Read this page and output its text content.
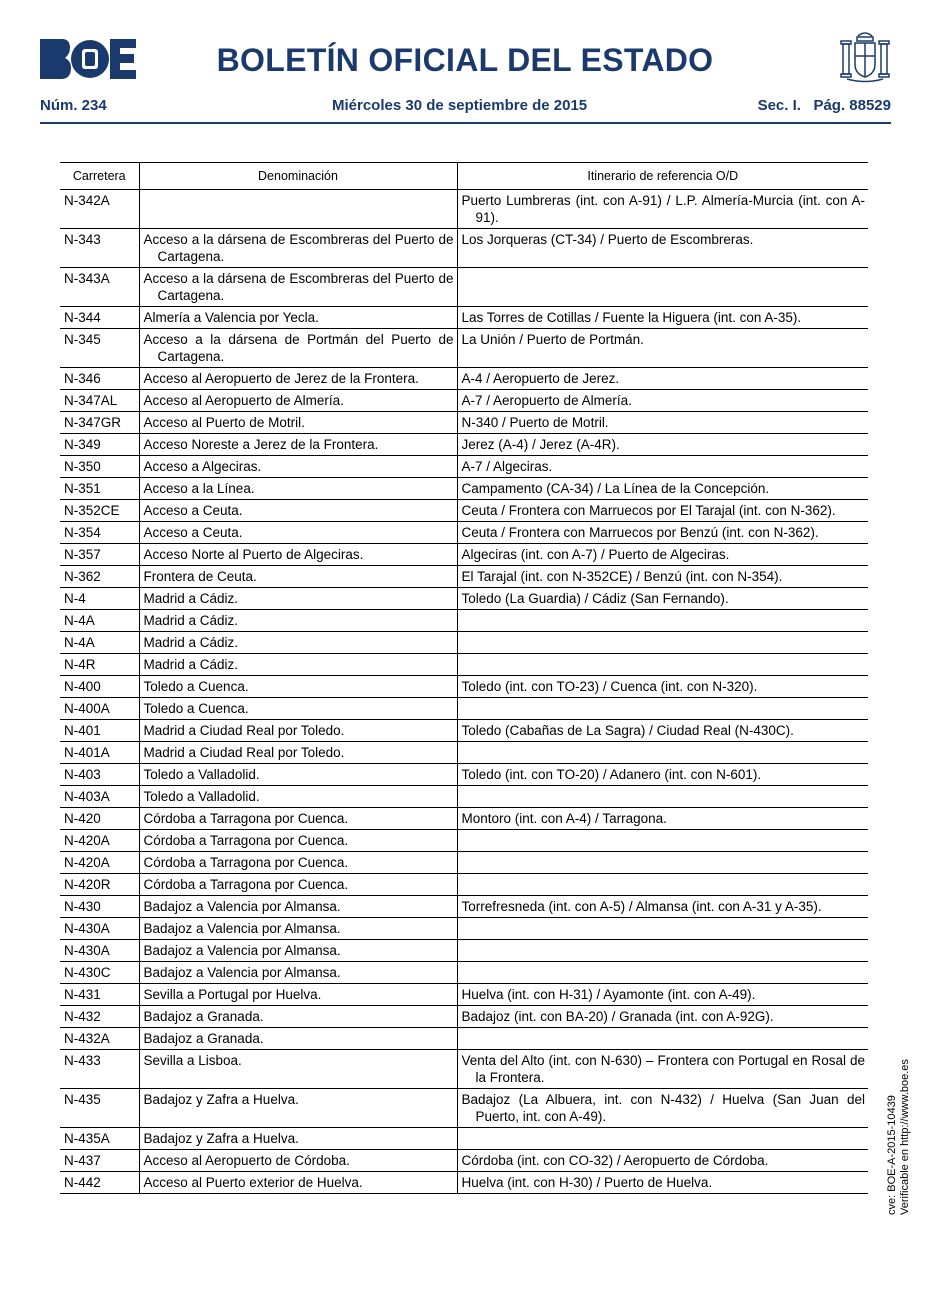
BOLETÍN OFICIAL DEL ESTADO
Núm. 234	Miércoles 30 de septiembre de 2015	Sec. I.   Pág. 88529
Carretera	Denominación	Itinerario de referencia O/D

N-342A		Puerto Lumbreras (int. con A-91) / L.P. Almería-Murcia (int. con A-91).

N-343	Acceso a la dársena de Escombreras del Puerto de Cartagena.	Los Jorqueras (CT-34) / Puerto de Escombreras.

N-343A	Acceso a la dársena de Escombreras del Puerto de Cartagena.	

N-344	Almería a Valencia por Yecla.	Las Torres de Cotillas / Fuente la Higuera (int. con A-35).

N-345	Acceso a la dársena de Portmán del Puerto de Cartagena.	La Unión / Puerto de Portmán.

N-346	Acceso al Aeropuerto de Jerez de la Frontera.	A-4 / Aeropuerto de Jerez.

N-347AL	Acceso al Aeropuerto de Almería.	A-7 / Aeropuerto de Almería.

N-347GR	Acceso al Puerto de Motril.	N-340 / Puerto de Motril.

N-349	Acceso Noreste a Jerez de la Frontera.	Jerez (A-4) / Jerez (A-4R).

N-350	Acceso a Algeciras.	A-7 / Algeciras.

N-351	Acceso a la Línea.	Campamento (CA-34) / La Línea de la Concepción.

N-352CE	Acceso a Ceuta.	Ceuta / Frontera con Marruecos por El Tarajal (int. con N-362).

N-354	Acceso a Ceuta.	Ceuta / Frontera con Marruecos por Benzú (int. con N-362).

N-357	Acceso Norte al Puerto de Algeciras.	Algeciras (int. con A-7) / Puerto de Algeciras.

N-362	Frontera de Ceuta.	El Tarajal (int. con N-352CE) / Benzú (int. con N-354).

N-4	Madrid a Cádiz.	Toledo (La Guardia) / Cádiz (San Fernando).

N-4A	Madrid a Cádiz.	

N-4A	Madrid a Cádiz.	

N-4R	Madrid a Cádiz.	

N-400	Toledo a Cuenca.	Toledo (int. con TO-23) / Cuenca (int. con N-320).

N-400A	Toledo a Cuenca.	

N-401	Madrid a Ciudad Real por Toledo.	Toledo (Cabañas de La Sagra) / Ciudad Real (N-430C).

N-401A	Madrid a Ciudad Real por Toledo.	

N-403	Toledo a Valladolid.	Toledo (int. con TO-20) / Adanero (int. con N-601).

N-403A	Toledo a Valladolid.	

N-420	Córdoba a Tarragona por Cuenca.	Montoro (int. con A-4) / Tarragona.

N-420A	Córdoba a Tarragona por Cuenca.	

N-420A	Córdoba a Tarragona por Cuenca.	

N-420R	Córdoba a Tarragona por Cuenca.	

N-430	Badajoz a Valencia por Almansa.	Torrefresneda (int. con A-5) / Almansa (int. con A-31 y A-35).

N-430A	Badajoz a Valencia por Almansa.	

N-430A	Badajoz a Valencia por Almansa.	

N-430C	Badajoz a Valencia por Almansa.	

N-431	Sevilla a Portugal por Huelva.	Huelva (int. con H-31) / Ayamonte (int. con A-49).

N-432	Badajoz a Granada.	Badajoz (int. con BA-20) / Granada (int. con A-92G).

N-432A	Badajoz a Granada.	

N-433	Sevilla a Lisboa.	Venta del Alto (int. con N-630) – Frontera con Portugal en Rosal de la Frontera.

N-435	Badajoz y Zafra a Huelva.	Badajoz (La Albuera, int. con N-432) / Huelva (San Juan del Puerto, int. con A-49).

N-435A	Badajoz y Zafra a Huelva.	

N-437	Acceso al Aeropuerto de Córdoba.	Córdoba (int. con CO-32) / Aeropuerto de Córdoba.

N-442	Acceso al Puerto exterior de Huelva.	Huelva (int. con H-30) / Puerto de Huelva.	cve: BOE-A-2015-10439 Verificable en http://www.boe.es
